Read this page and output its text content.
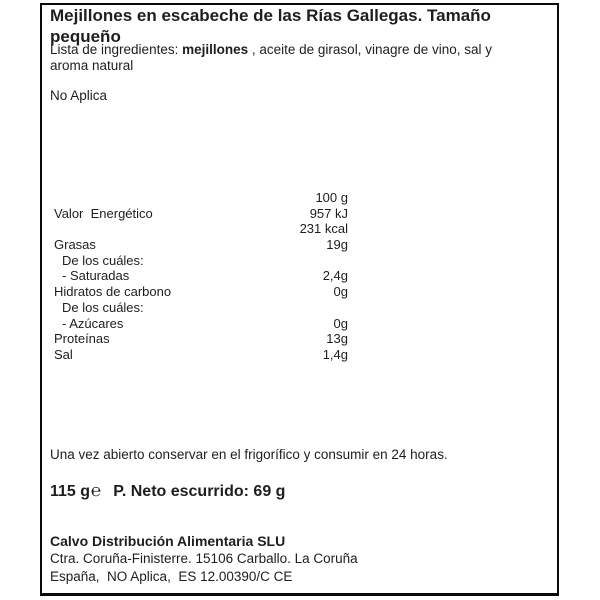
Mejillones en escabeche de las Rías Gallegas. Tamaño pequeño
Lista de ingredientes: mejillones , aceite de girasol, vinagre de vino, sal y aroma natural
No Aplica
100 g
Valor  Energético	957 kJ
231 kcal
Grasas	19g
De los cuáles:
- Saturadas	2,4g
Hidratos de carbono	0g
De los cuáles:
- Azúcares	0g
Proteínas	13g
Sal	1,4g
Una vez abierto conservar en el frigorífico y consumir en 24 horas.
115 g℮ P. Neto escurrido: 69 g
Calvo Distribución Alimentaria SLU
Ctra. Coruña-Finisterre. 15106 Carballo. La Coruña
España,  NO Aplica,  ES 12.00390/C CE
